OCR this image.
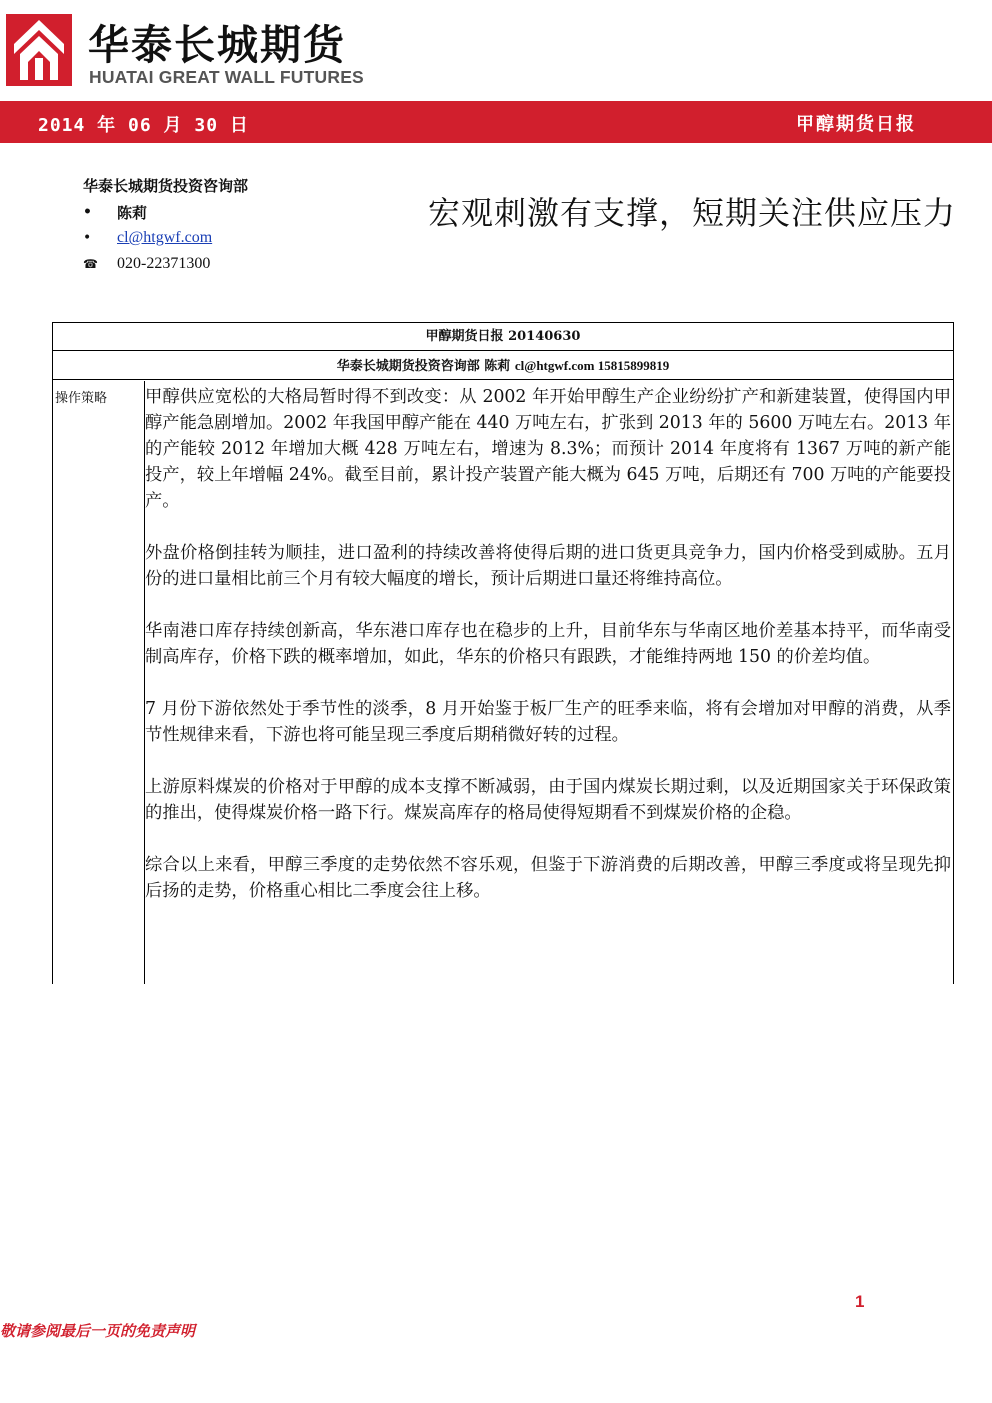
华泰长城期货
HUATAI GREAT WALL FUTURES
2014 年 06 月 30 日	甲醇期货日报
华泰长城期货投资咨询部
•	陈莉
•	cl@htgwf.com
☎	020-22371300
宏观刺激有支撑，短期关注供应压力
甲醇期货日报 20140630
华泰长城期货投资咨询部 陈莉 cl@htgwf.com 15815899819
操作策略 甲醇供应宽松的大格局暂时得不到改变：从 2002 年开始甲醇生产企业纷纷扩产和新建装置，使得国内甲醇产能急剧增加。2002 年我国甲醇产能在 440 万吨左右，扩张到 2013 年的 5600 万吨左右。2013 年的产能较 2012 年增加大概 428 万吨左右，增速为 8.3%；而预计 2014 年度将有 1367 万吨的新产能投产，较上年增幅 24%。截至目前，累计投产装置产能大概为 645 万吨，后期还有 700 万吨的产能要投产。

外盘价格倒挂转为顺挂，进口盈利的持续改善将使得后期的进口货更具竞争力，国内价格受到威胁。五月份的进口量相比前三个月有较大幅度的增长，预计后期进口量还将维持高位。

华南港口库存持续创新高，华东港口库存也在稳步的上升，目前华东与华南区地价差基本持平，而华南受制高库存，价格下跌的概率增加，如此，华东的价格只有跟跌，才能维持两地 150 的价差均值。

7 月份下游依然处于季节性的淡季，8 月开始鉴于板厂生产的旺季来临，将有会增加对甲醇的消费，从季节性规律来看，下游也将可能呈现三季度后期稍微好转的过程。

上游原料煤炭的价格对于甲醇的成本支撑不断减弱，由于国内煤炭长期过剩，以及近期国家关于环保政策的推出，使得煤炭价格一路下行。煤炭高库存的格局使得短期看不到煤炭价格的企稳。

综合以上来看，甲醇三季度的走势依然不容乐观，但鉴于下游消费的后期改善，甲醇三季度或将呈现先抑后扬的走势，价格重心相比二季度会往上移。

1
敬请参阅最后一页的免责声明
